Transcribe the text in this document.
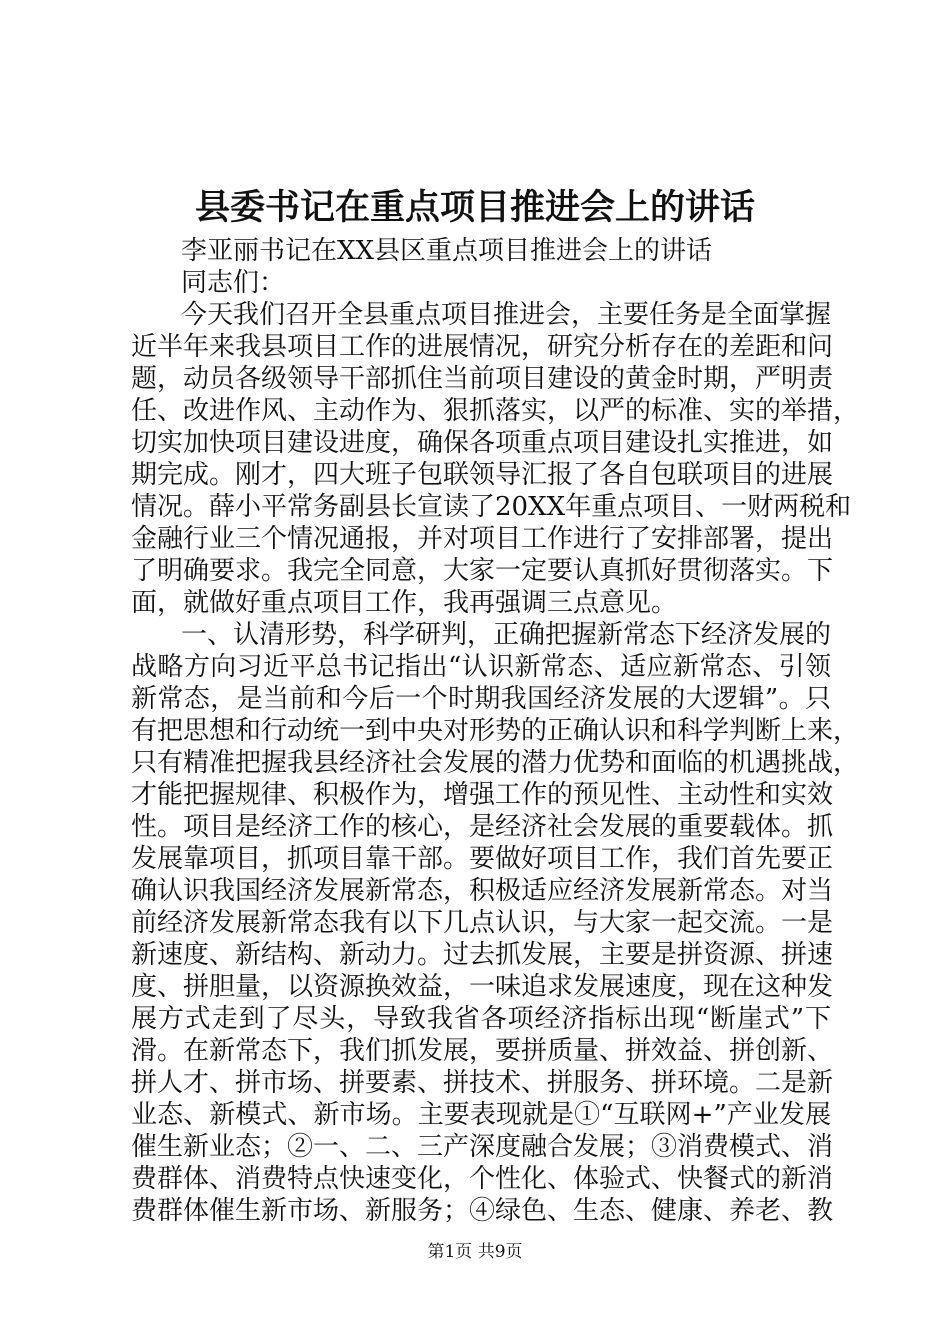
县委书记在重点项目推进会上的讲话

李亚丽书记在XX县区重点项目推进会上的讲话

同志们：

今天我们召开全县重点项目推进会，主要任务是全面掌握

近半年来我县项目工作的进展情况，研究分析存在的差距和问

题，动员各级领导干部抓住当前项目建设的黄金时期，严明责

任、改进作风、主动作为、狠抓落实，以严的标准、实的举措，

切实加快项目建设进度，确保各项重点项目建设扎实推进，如

期完成。刚才，四大班子包联领导汇报了各自包联项目的进展

情况。薛小平常务副县长宣读了20XX年重点项目、一财两税和

金融行业三个情况通报，并对项目工作进行了安排部署，提出

了明确要求。我完全同意，大家一定要认真抓好贯彻落实。下

面，就做好重点项目工作，我再强调三点意见。

一、认清形势，科学研判，正确把握新常态下经济发展的

战略方向习近平总书记指出“认识新常态、适应新常态、引领

新常态，是当前和今后一个时期我国经济发展的大逻辑”。只

有把思想和行动统一到中央对形势的正确认识和科学判断上来，

只有精准把握我县经济社会发展的潜力优势和面临的机遇挑战，

才能把握规律、积极作为，增强工作的预见性、主动性和实效

性。项目是经济工作的核心，是经济社会发展的重要载体。抓

发展靠项目，抓项目靠干部。要做好项目工作，我们首先要正

确认识我国经济发展新常态，积极适应经济发展新常态。对当

前经济发展新常态我有以下几点认识，与大家一起交流。一是

新速度、新结构、新动力。过去抓发展，主要是拼资源、拼速

度、拼胆量，以资源换效益，一味追求发展速度，现在这种发

展方式走到了尽头，导致我省各项经济指标出现“断崖式”下

滑。在新常态下，我们抓发展，要拼质量、拼效益、拼创新、

拼人才、拼市场、拼要素、拼技术、拼服务、拼环境。二是新

业态、新模式、新市场。主要表现就是①“互联网+”产业发展

催生新业态；②一、二、三产深度融合发展；③消费模式、消

费群体、消费特点快速变化，个性化、体验式、快餐式的新消

费群体催生新市场、新服务；④绿色、生态、健康、养老、教

第1页 共9页
